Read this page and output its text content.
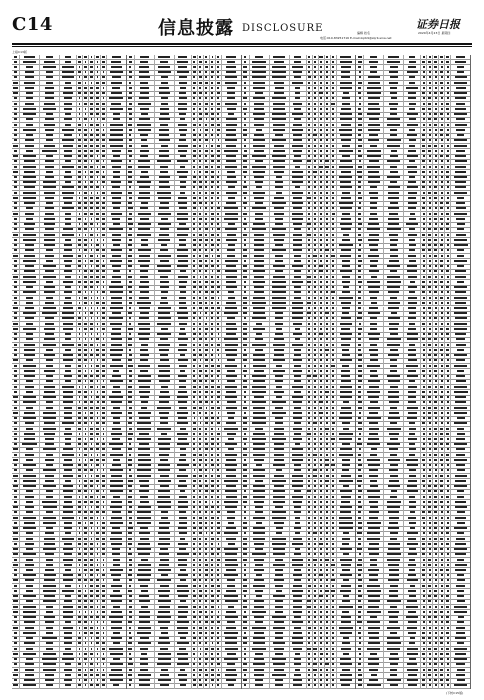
C14	信息披露 DISCLOSURE	编辑 姓名
电话:010-83251716 E-mail:zqrb9@zqrb.sina.net
证券日报
2020年4月23日 星期四
上接C13版
(下转C15版)
